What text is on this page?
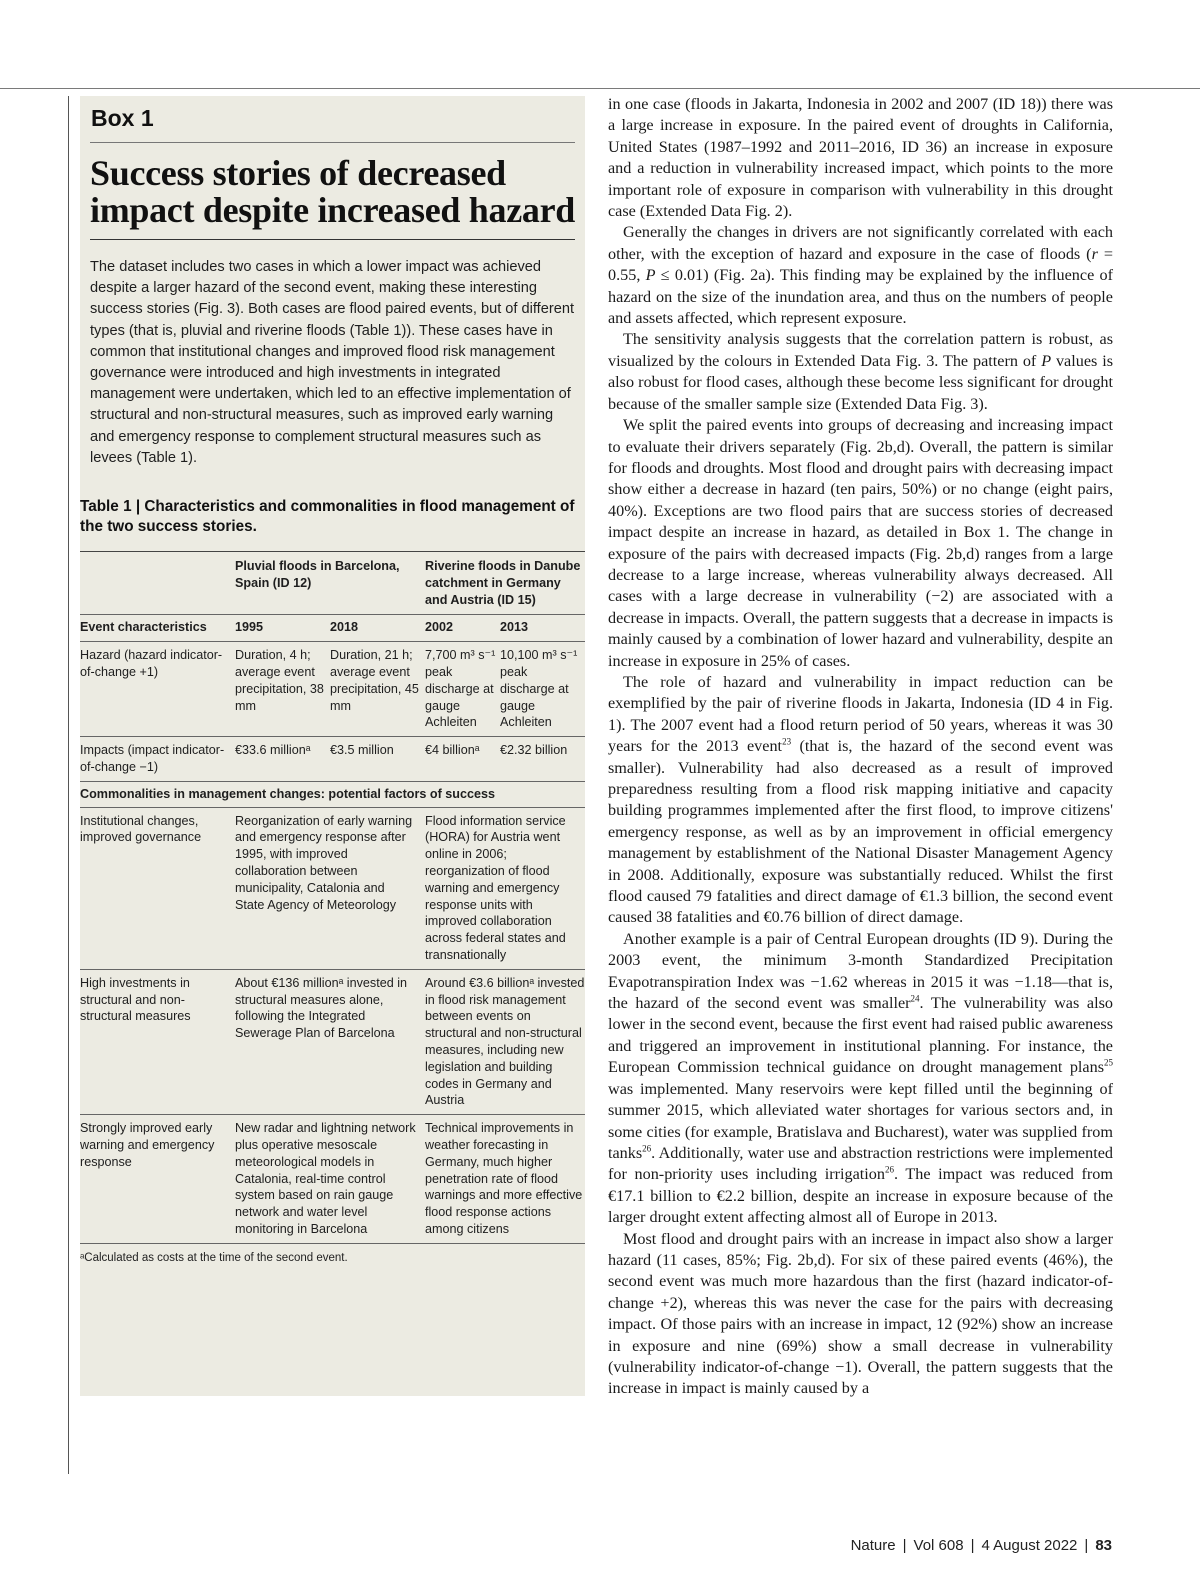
Box 1
Success stories of decreased impact despite increased hazard

The dataset includes two cases in which a lower impact was achieved despite a larger hazard of the second event, making these interesting success stories (Fig. 3). Both cases are flood paired events, but of different types (that is, pluvial and riverine floods (Table 1)). These cases have in common that institutional changes and improved flood risk management governance were introduced and high investments in integrated management were undertaken, which led to an effective implementation of structural and non-structural measures, such as improved early warning and emergency response to complement structural measures such as levees (Table 1).

Table 1 | Characteristics and commonalities in flood management of the two success stories.
	Pluvial floods in Barcelona, Spain (ID 12)		Riverine floods in Danube catchment in Germany and Austria (ID 15)	
Event characteristics	1995	2018	2002	2013
Hazard (hazard indicator-of-change +1)	Duration, 4 h; average event precipitation, 38 mm	Duration, 21 h; average event precipitation, 45 mm	7,700 m³ s⁻¹ peak discharge at gauge Achleiten	10,100 m³ s⁻¹ peak discharge at gauge Achleiten
Impacts (impact indicator-of-change −1)	€33.6 millionᵃ	€3.5 million	€4 billionᵃ	€2.32 billion
Commonalities in management changes: potential factors of success				
Institutional changes, improved governance	Reorganization of early warning and emergency response after 1995, with improved collaboration between municipality, Catalonia and State Agency of Meteorology		Flood information service (HORA) for Austria went online in 2006; reorganization of flood warning and emergency response units with improved collaboration across federal states and transnationally	
High investments in structural and non-structural measures	About €136 millionᵃ invested in structural measures alone, following the Integrated Sewerage Plan of Barcelona		Around €3.6 billionᵃ invested in flood risk management between events on structural and non-structural measures, including new legislation and building codes in Germany and Austria	
Strongly improved early warning and emergency response	New radar and lightning network plus operative mesoscale meteorological models in Catalonia, real-time control system based on rain gauge network and water level monitoring in Barcelona		Technical improvements in weather forecasting in Germany, much higher penetration rate of flood warnings and more effective flood response actions among citizens	
ᵃCalculated as costs at the time of the second event.

in one case (floods in Jakarta, Indonesia in 2002 and 2007 (ID 18)) there was a large increase in exposure. In the paired event of droughts in California, United States (1987–1992 and 2011–2016, ID 36) an increase in exposure and a reduction in vulnerability increased impact, which points to the more important role of exposure in comparison with vulnerability in this drought case (Extended Data Fig. 2).

Generally the changes in drivers are not significantly correlated with each other, with the exception of hazard and exposure in the case of floods (r = 0.55, P ≤ 0.01) (Fig. 2a). This finding may be explained by the influence of hazard on the size of the inundation area, and thus on the numbers of people and assets affected, which represent exposure.

The sensitivity analysis suggests that the correlation pattern is robust, as visualized by the colours in Extended Data Fig. 3. The pattern of P values is also robust for flood cases, although these become less significant for drought because of the smaller sample size (Extended Data Fig. 3).

We split the paired events into groups of decreasing and increasing impact to evaluate their drivers separately (Fig. 2b,d). Overall, the pattern is similar for floods and droughts. Most flood and drought pairs with decreasing impact show either a decrease in hazard (ten pairs, 50%) or no change (eight pairs, 40%). Exceptions are two flood pairs that are success stories of decreased impact despite an increase in hazard, as detailed in Box 1. The change in exposure of the pairs with decreased impacts (Fig. 2b,d) ranges from a large decrease to a large increase, whereas vulnerability always decreased. All cases with a large decrease in vulnerability (−2) are associated with a decrease in impacts. Overall, the pattern suggests that a decrease in impacts is mainly caused by a combination of lower hazard and vulnerability, despite an increase in exposure in 25% of cases.

The role of hazard and vulnerability in impact reduction can be exemplified by the pair of riverine floods in Jakarta, Indonesia (ID 4 in Fig. 1). The 2007 event had a flood return period of 50 years, whereas it was 30 years for the 2013 event$^{23}$ (that is, the hazard of the second event was smaller). Vulnerability had also decreased as a result of improved preparedness resulting from a flood risk mapping initiative and capacity building programmes implemented after the first flood, to improve citizens' emergency response, as well as by an improvement in official emergency management by establishment of the National Disaster Management Agency in 2008. Additionally, exposure was substantially reduced. Whilst the first flood caused 79 fatalities and direct damage of €1.3 billion, the second event caused 38 fatalities and €0.76 billion of direct damage.

Another example is a pair of Central European droughts (ID 9). During the 2003 event, the minimum 3-month Standardized Precipitation Evapotranspiration Index was −1.62 whereas in 2015 it was −1.18—that is, the hazard of the second event was smaller$^{24}$. The vulnerability was also lower in the second event, because the first event had raised public awareness and triggered an improvement in institutional planning. For instance, the European Commission technical guidance on drought management plans$^{25}$ was implemented. Many reservoirs were kept filled until the beginning of summer 2015, which alleviated water shortages for various sectors and, in some cities (for example, Bratislava and Bucharest), water was supplied from tanks$^{26}$. Additionally, water use and abstraction restrictions were implemented for non-priority uses including irrigation$^{26}$. The impact was reduced from €17.1 billion to €2.2 billion, despite an increase in exposure because of the larger drought extent affecting almost all of Europe in 2013.

Most flood and drought pairs with an increase in impact also show a larger hazard (11 cases, 85%; Fig. 2b,d). For six of these paired events (46%), the second event was much more hazardous than the first (hazard indicator-of-change +2), whereas this was never the case for the pairs with decreasing impact. Of those pairs with an increase in impact, 12 (92%) show an increase in exposure and nine (69%) show a small decrease in vulnerability (vulnerability indicator-of-change −1). Overall, the pattern suggests that the increase in impact is mainly caused by a

Nature | Vol 608 | 4 August 2022 | 83
